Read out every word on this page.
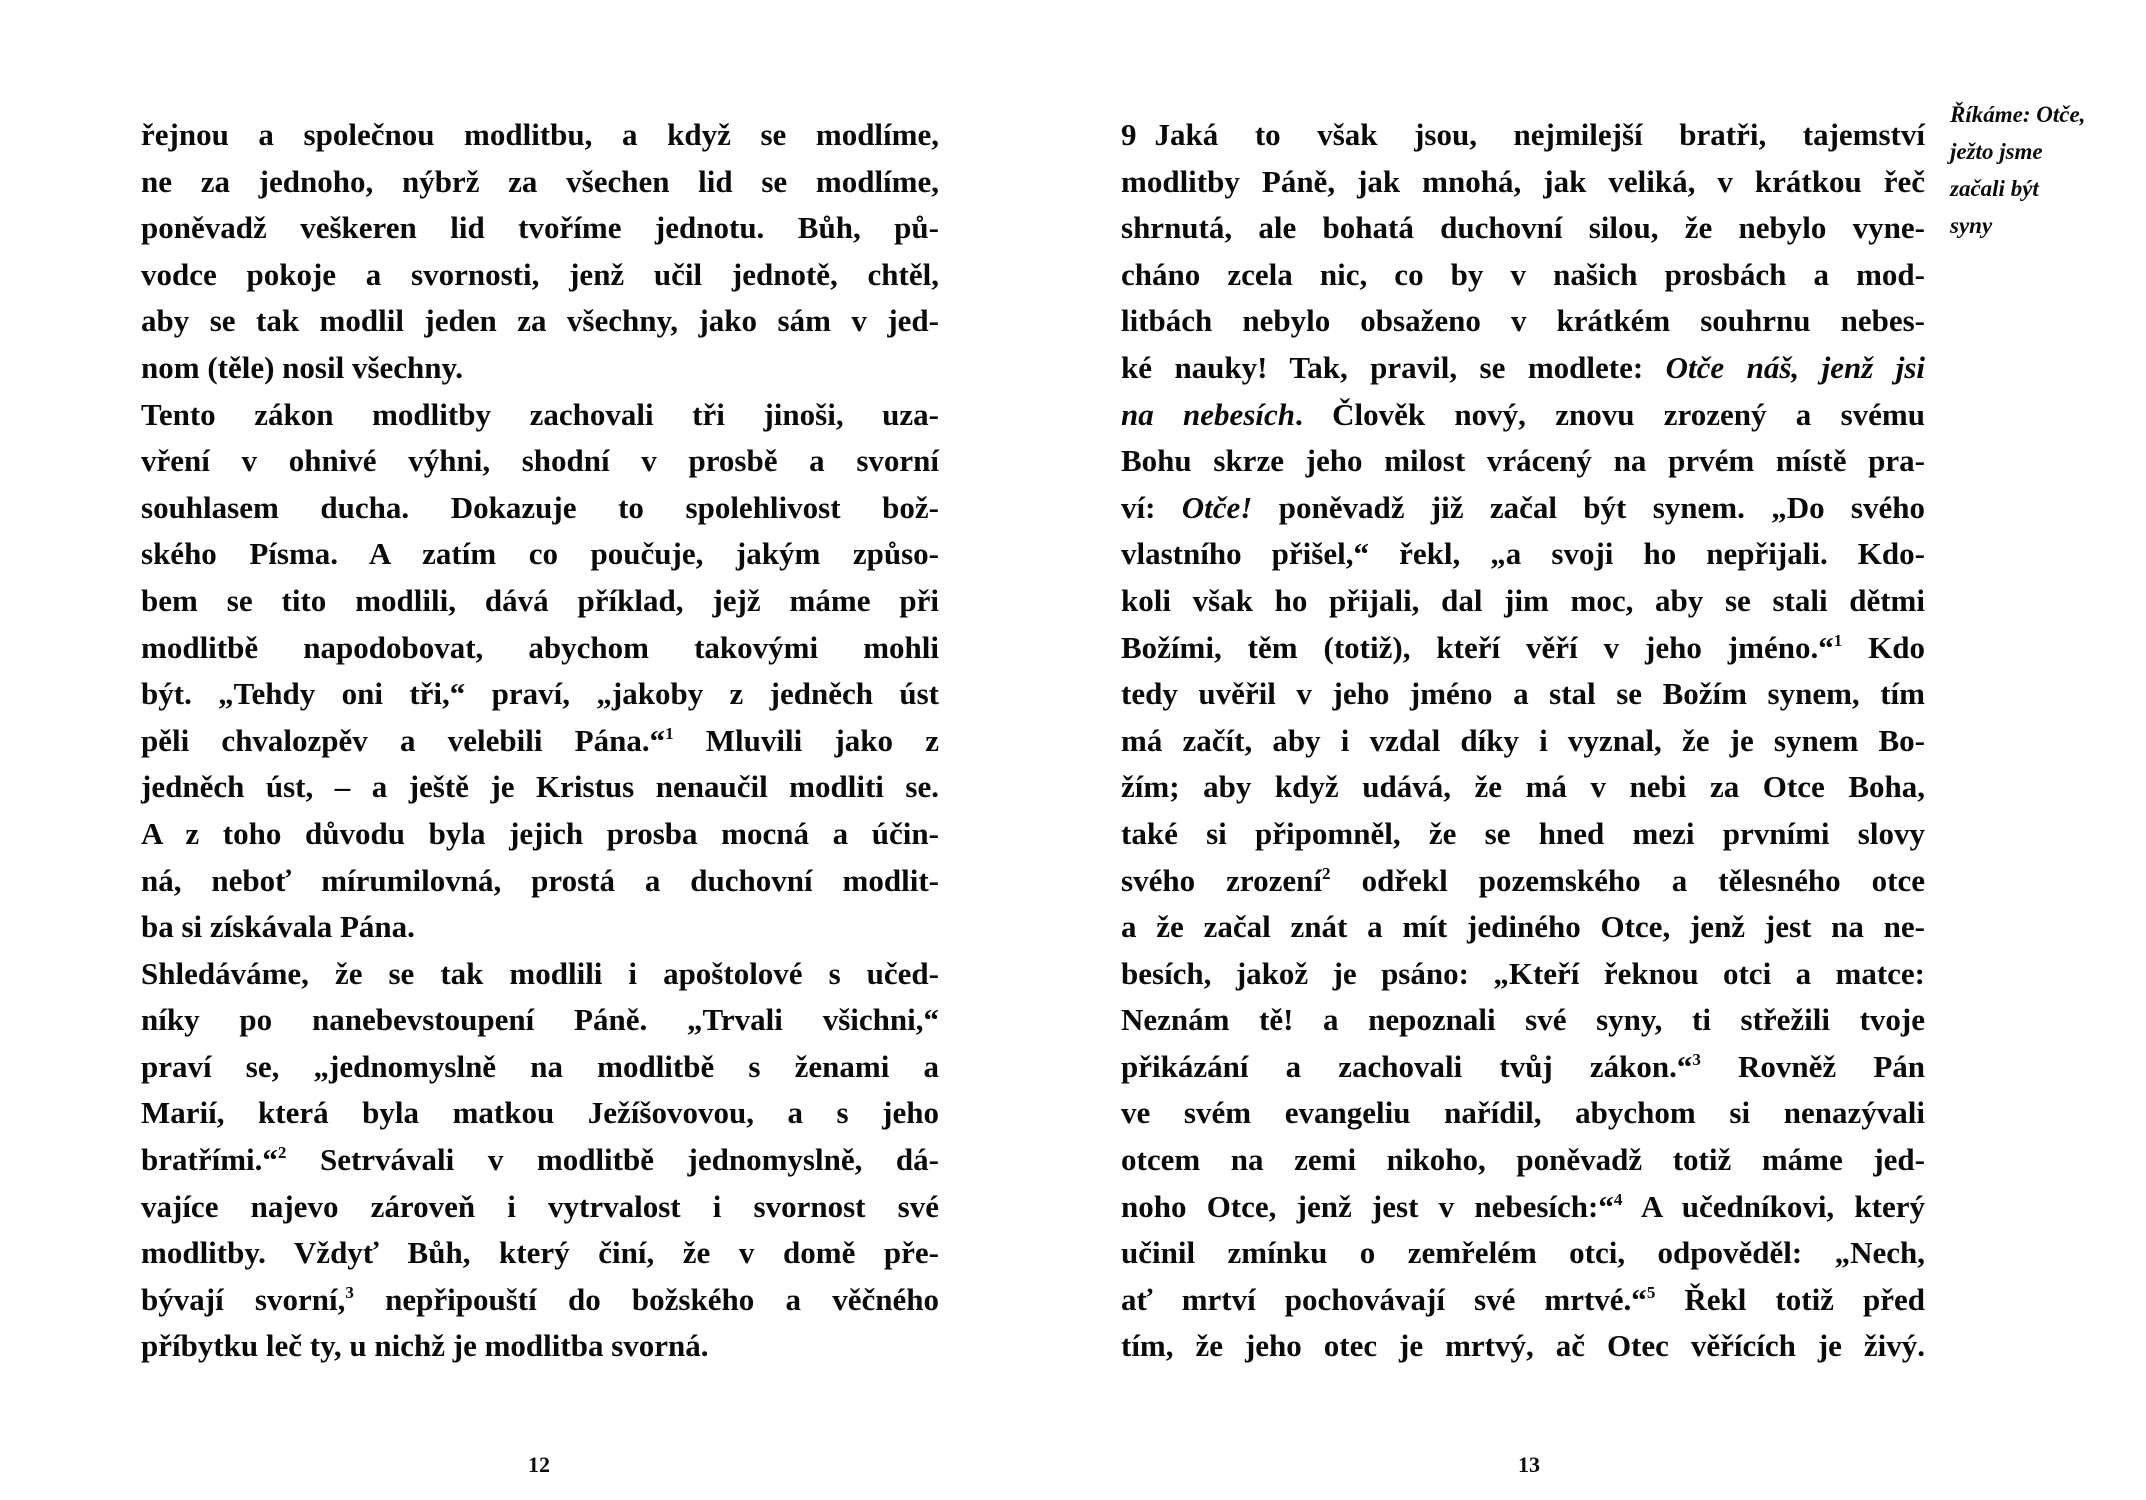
řejnou a společnou modlitbu, a když se modlíme,
ne za jednoho, nýbrž za všechen lid se modlíme,
poněvadž veškeren lid tvoříme jednotu. Bůh, pů-
vodce pokoje a svornosti, jenž učil jednotě, chtěl,
aby se tak modlil jeden za všechny, jako sám v jed-
nom (těle) nosil všechny.
Tento zákon modlitby zachovali tři jinoši, uza-
vření v ohnivé výhni, shodní v prosbě a svorní
souhlasem ducha. Dokazuje to spolehlivost bož-
ského Písma. A zatím co poučuje, jakým způso-
bem se tito modlili, dává příklad, jejž máme při
modlitbě napodobovat, abychom takovými mohli
být. „Tehdy oni tři,“ praví, „jakoby z jedněch úst
pěli chvalozpěv a velebili Pána.“$^1$ Mluvili jako z
jedněch úst, – a ještě je Kristus nenaučil modliti se.
A z toho důvodu byla jejich prosba mocná a účin-
ná, neboť mírumilovná, prostá a duchovní modlit-
ba si získávala Pána.
Shledáváme, že se tak modlili i apoštolové s učed-
níky po nanebevstoupení Páně. „Trvali všichni,“
praví se, „jednomyslně na modlitbě s ženami a
Marií, která byla matkou Ježíšovovou, a s jeho
bratřími.“$^2$ Setrvávali v modlitbě jednomyslně, dá-
vajíce najevo zároveň i vytrvalost i svornost své
modlitby. Vždyť Bůh, který činí, že v domě pře-
bývají svorní,$^3$ nepřipouští do božského a věčného
příbytku leč ty, u nichž je modlitba svorná.
12
9 Jaká to však jsou, nejmilejší bratři, tajemství
modlitby Páně, jak mnohá, jak veliká, v krátkou řeč
shrnutá, ale bohatá duchovní silou, že nebylo vyne-
cháno zcela nic, co by v našich prosbách a mod-
litbách nebylo obsaženo v krátkém souhrnu nebes-
ké nauky! Tak, pravil, se modlete: Otče náš, jenž jsi
na nebesích. Člověk nový, znovu zrozený a svému
Bohu skrze jeho milost vrácený na prvém místě pra-
ví: Otče! poněvadž již začal být synem. „Do svého
vlastního přišel,“ řekl, „a svoji ho nepřijali. Kdo-
koli však ho přijali, dal jim moc, aby se stali dětmi
Božími, těm (totiž), kteří věří v jeho jméno.“$^1$ Kdo
tedy uvěřil v jeho jméno a stal se Božím synem, tím
má začít, aby i vzdal díky i vyznal, že je synem Bo-
žím; aby když udává, že má v nebi za Otce Boha,
také si připomněl, že se hned mezi prvními slovy
svého zrození$^2$ odřekl pozemského a tělesného otce
a že začal znát a mít jediného Otce, jenž jest na ne-
besích, jakož je psáno: „Kteří řeknou otci a matce:
Neznám tě! a nepoznali své syny, ti střežili tvoje
přikázání a zachovali tvůj zákon.“$^3$ Rovněž Pán
ve svém evangeliu nařídil, abychom si nenazývali
otcem na zemi nikoho, poněvadž totiž máme jed-
noho Otce, jenž jest v nebesích:“$^4$ A učedníkovi, který
učinil zmínku o zemřelém otci, odpověděl: „Nech,
ať mrtví pochovávají své mrtvé.“$^5$ Řekl totiž před
tím, že jeho otec je mrtvý, ač Otec věřících je živý.
Říkáme: Otče,
ježto jsme
začali být
syny
13
